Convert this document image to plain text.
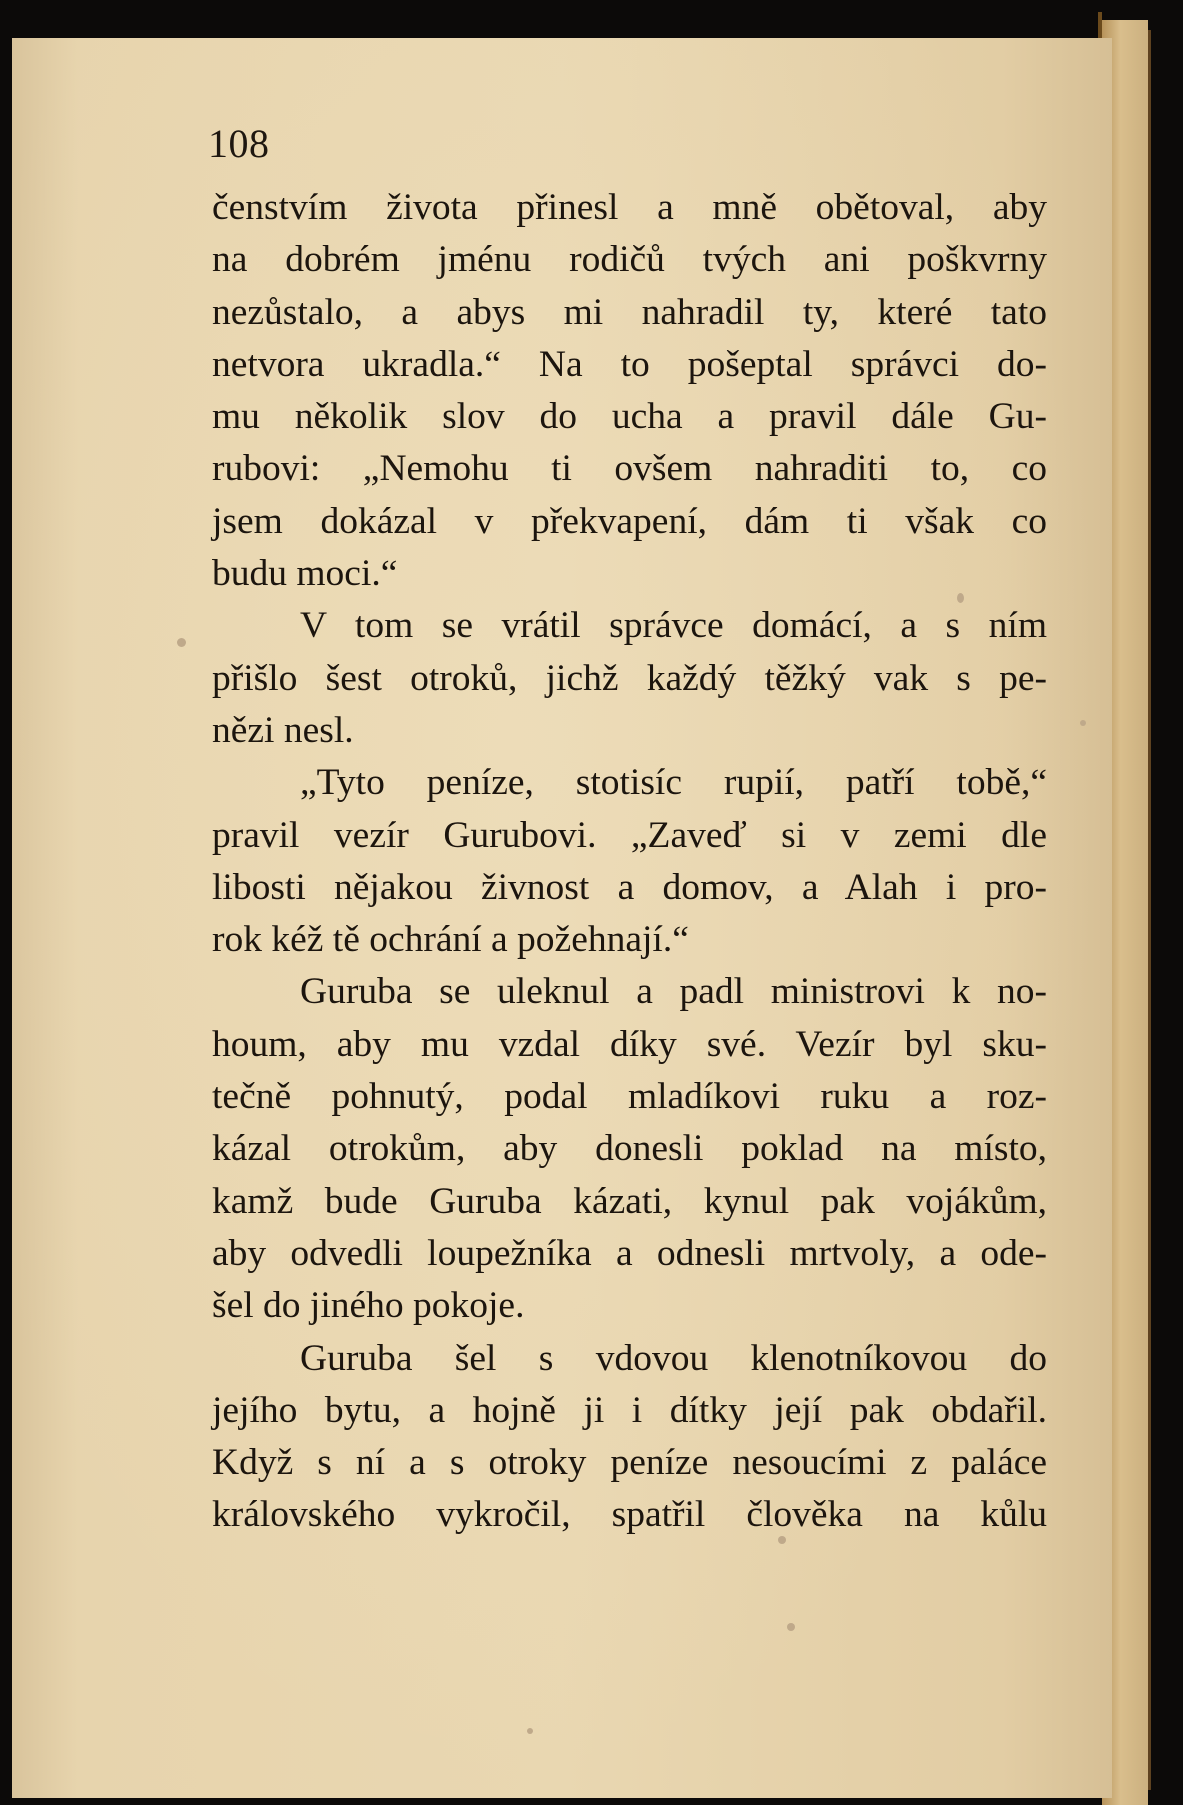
108
čenstvím života přinesl a mně obětoval, aby
na dobrém jménu rodičů tvých ani poškvrny
nezůstalo, a abys mi nahradil ty, které tato
netvora ukradla.“ Na to pošeptal správci do-
mu několik slov do ucha a pravil dále Gu-
rubovi: „Nemohu ti ovšem nahraditi to, co
jsem dokázal v překvapení, dám ti však co
budu moci.“
V tom se vrátil správce domácí, a s ním
přišlo šest otroků, jichž každý těžký vak s pe-
nězi nesl.
„Tyto peníze, stotisíc rupií, patří tobě,“
pravil vezír Gurubovi. „Zaveď si v zemi dle
libosti nějakou živnost a domov, a Alah i pro-
rok kéž tě ochrání a požehnají.“
Guruba se uleknul a padl ministrovi k no-
houm, aby mu vzdal díky své. Vezír byl sku-
tečně pohnutý, podal mladíkovi ruku a roz-
kázal otrokům, aby donesli poklad na místo,
kamž bude Guruba kázati, kynul pak vojákům,
aby odvedli loupežníka a odnesli mrtvoly, a ode-
šel do jiného pokoje.
Guruba šel s vdovou klenotníkovou do
jejího bytu, a hojně ji i dítky její pak obdařil.
Když s ní a s otroky peníze nesoucími z paláce
královského vykročil, spatřil člověka na kůlu
